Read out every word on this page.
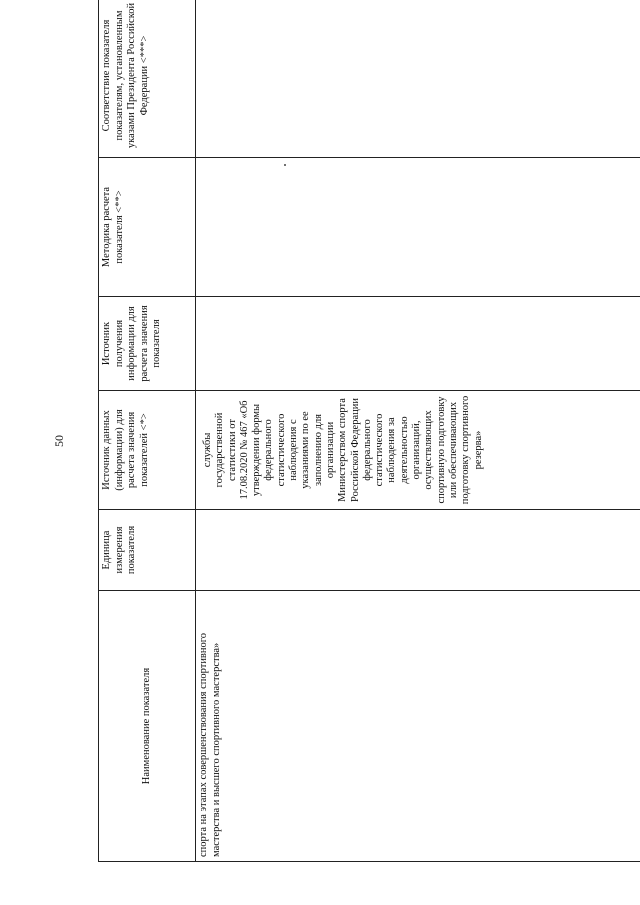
50
Наименование показателя	Единица измерения показателя	Источник данных (информации) для расчета значения показателей <*>	Источник получения информации для расчета значения показателя	Методика расчета показателя <**>	Соответствие показателя показателям, установленным указами Президента Российской Федерации <***>
спорта на этапах совершенствования спортивного мастерства и высшего спортивного мастерства»		службы государственной статистики от 17.08.2020 № 467 «Об утверждении формы федерального статистического наблюдения с указаниями по ее заполнению для организации Министерством спорта Российской Федерации федерального статистического наблюдения за деятельностью организаций, осуществляющих спортивную подготовку или обеспечивающих подготовку спортивного резерва»			
